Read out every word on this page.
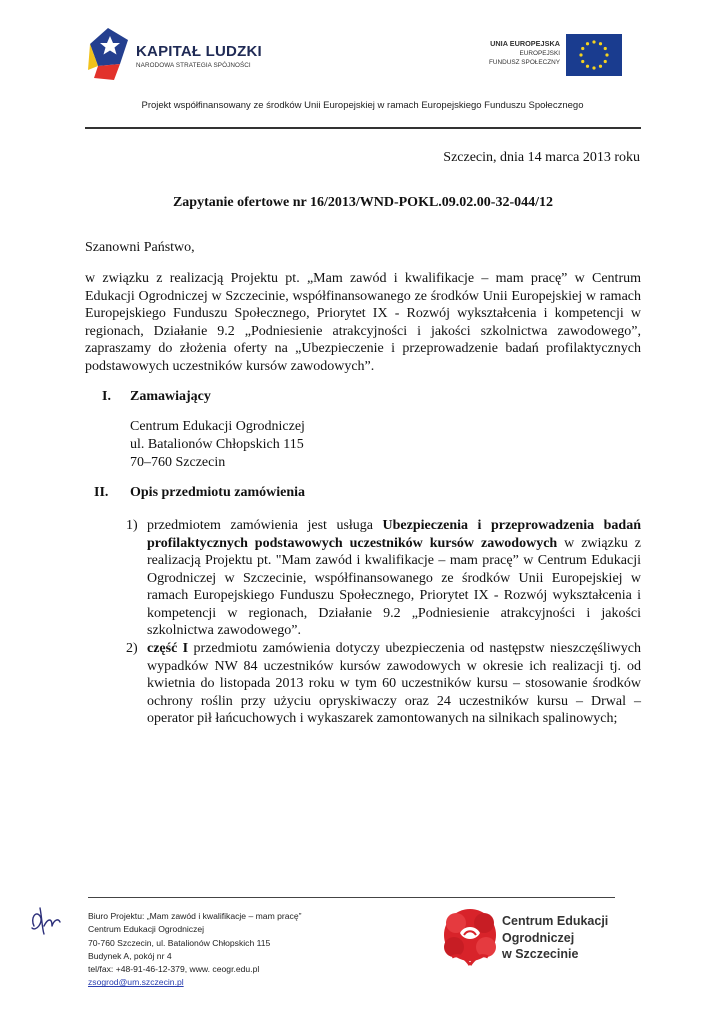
KAPITAŁ LUDZKI
NARODOWA STRATEGIA SPÓJNOŚCI
UNIA EUROPEJSKA
EUROPEJSKI
FUNDUSZ SPOŁECZNY
Projekt współfinansowany ze środków Unii Europejskiej w ramach Europejskiego Funduszu Społecznego
Szczecin, dnia 14 marca 2013 roku
Zapytanie ofertowe nr 16/2013/WND-POKL.09.02.00-32-044/12
Szanowni Państwo,
w związku z realizacją Projektu pt. „Mam zawód i kwalifikacje – mam pracę” w Centrum Edukacji Ogrodniczej w Szczecinie, współfinansowanego ze środków Unii Europejskiej w ramach Europejskiego Funduszu Społecznego, Priorytet IX - Rozwój wykształcenia i kompetencji w regionach, Działanie 9.2 „Podniesienie atrakcyjności i jakości szkolnictwa zawodowego”, zapraszamy do złożenia oferty na „Ubezpieczenie i przeprowadzenie badań profilaktycznych podstawowych uczestników kursów zawodowych”.
I. Zamawiający
Centrum Edukacji Ogrodniczej
ul. Batalionów Chłopskich 115
70–760 Szczecin
II. Opis przedmiotu zamówienia
1) przedmiotem zamówienia jest usługa Ubezpieczenia i przeprowadzenia badań profilaktycznych podstawowych uczestników kursów zawodowych w związku z realizacją Projektu pt. "Mam zawód i kwalifikacje – mam pracę” w Centrum Edukacji Ogrodniczej w Szczecinie, współfinansowanego ze środków Unii Europejskiej w ramach Europejskiego Funduszu Społecznego, Priorytet IX - Rozwój wykształcenia i kompetencji w regionach, Działanie 9.2 „Podniesienie atrakcyjności i jakości szkolnictwa zawodowego”.
2) część I przedmiotu zamówienia dotyczy ubezpieczenia od następstw nieszczęśliwych wypadków NW 84 uczestników kursów zawodowych w okresie ich realizacji tj. od kwietnia do listopada 2013 roku w tym 60 uczestników kursu – stosowanie środków ochrony roślin przy użyciu opryskiwaczy oraz 24 uczestników kursu – Drwal – operator pił łańcuchowych i wykaszarek zamontowanych na silnikach spalinowych;
Biuro Projektu: „Mam zawód i kwalifikacje – mam pracę”
Centrum Edukacji Ogrodniczej
70-760 Szczecin, ul. Batalionów Chłopskich 115
Budynek A, pokój nr 4
tel/fax: +48-91-46-12-379, www. ceogr.edu.pl
zsogrod@um.szczecin.pl
Centrum Edukacji
Ogrodniczej
w Szczecinie
